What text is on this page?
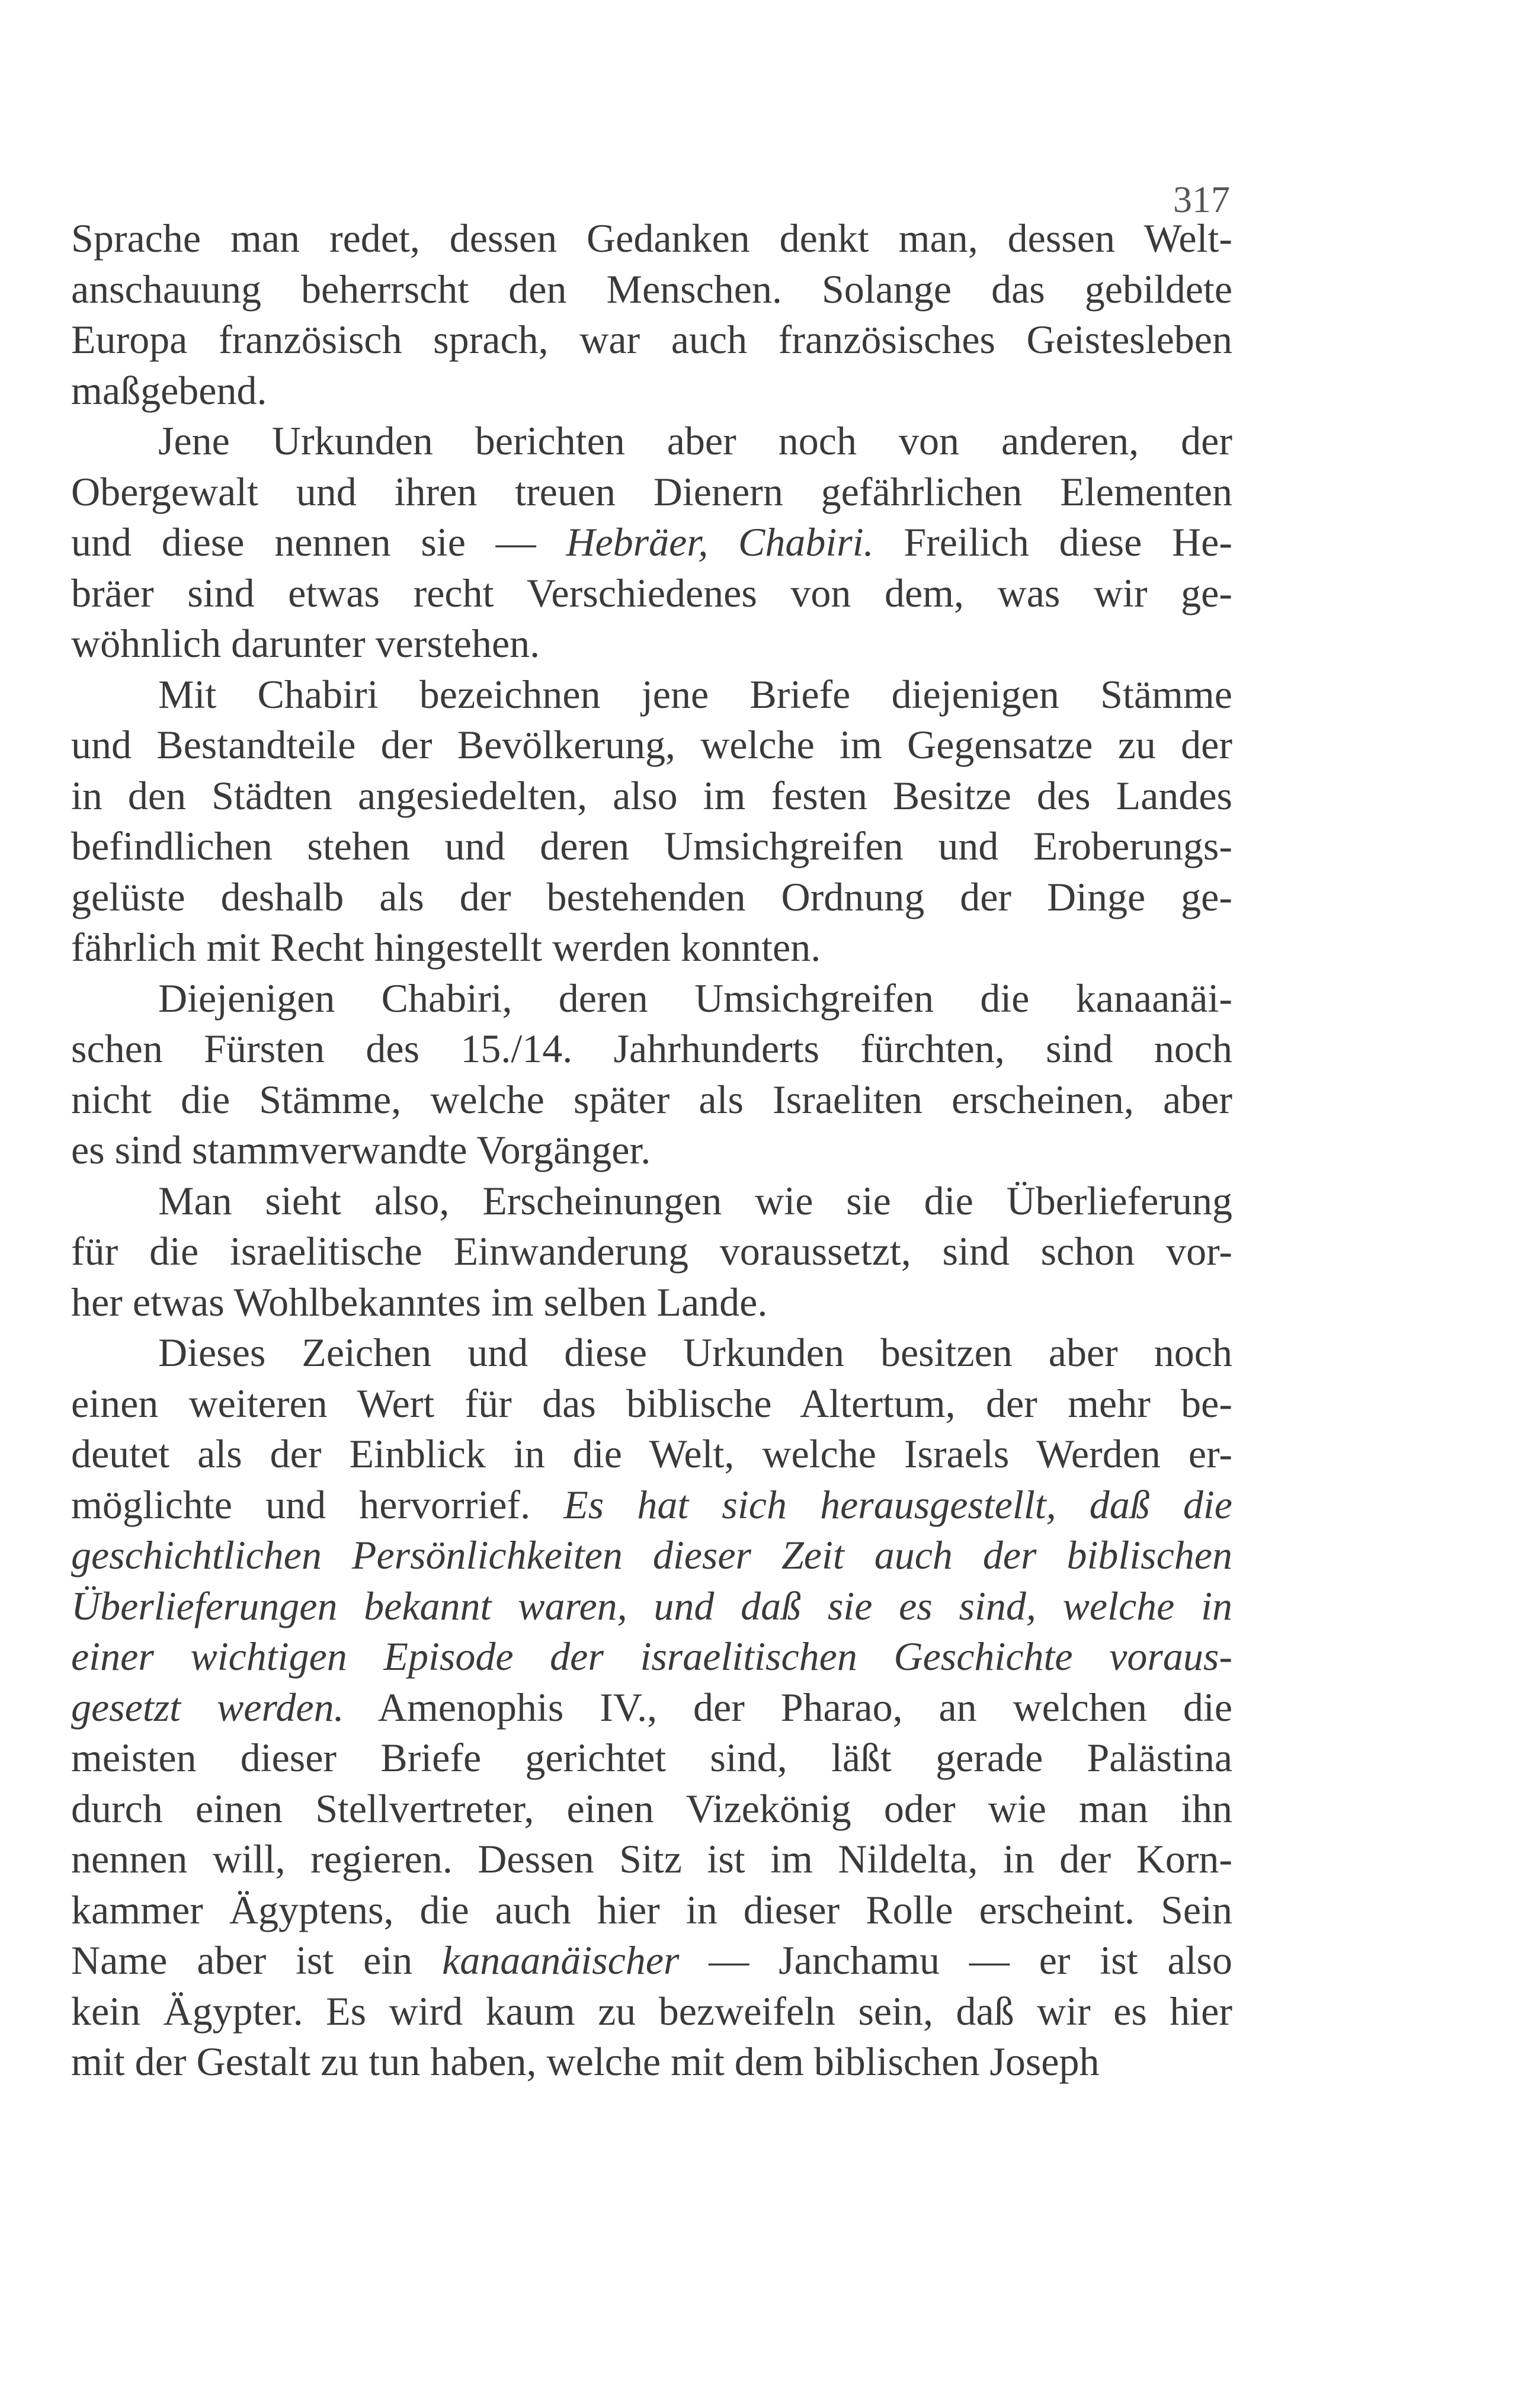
317
Sprache man redet, dessen Gedanken denkt man, dessen Welt-
anschauung beherrscht den Menschen. Solange das gebildete
Europa französisch sprach, war auch französisches Geistesleben
maßgebend.
Jene Urkunden berichten aber noch von anderen, der
Obergewalt und ihren treuen Dienern gefährlichen Elementen
und diese nennen sie — Hebräer, Chabiri. Freilich diese He-
bräer sind etwas recht Verschiedenes von dem, was wir ge-
wöhnlich darunter verstehen.
Mit Chabiri bezeichnen jene Briefe diejenigen Stämme
und Bestandteile der Bevölkerung, welche im Gegensatze zu der
in den Städten angesiedelten, also im festen Besitze des Landes
befindlichen stehen und deren Umsichgreifen und Eroberungs-
gelüste deshalb als der bestehenden Ordnung der Dinge ge-
fährlich mit Recht hingestellt werden konnten.
Diejenigen Chabiri, deren Umsichgreifen die kanaanäi-
schen Fürsten des 15./14. Jahrhunderts fürchten, sind noch
nicht die Stämme, welche später als Israeliten erscheinen, aber
es sind stammverwandte Vorgänger.
Man sieht also, Erscheinungen wie sie die Überlieferung
für die israelitische Einwanderung voraussetzt, sind schon vor-
her etwas Wohlbekanntes im selben Lande.
Dieses Zeichen und diese Urkunden besitzen aber noch
einen weiteren Wert für das biblische Altertum, der mehr be-
deutet als der Einblick in die Welt, welche Israels Werden er-
möglichte und hervorrief. Es hat sich herausgestellt, daß die
geschichtlichen Persönlichkeiten dieser Zeit auch der biblischen
Überlieferungen bekannt waren, und daß sie es sind, welche in
einer wichtigen Episode der israelitischen Geschichte voraus-
gesetzt werden. Amenophis IV., der Pharao, an welchen die
meisten dieser Briefe gerichtet sind, läßt gerade Palästina
durch einen Stellvertreter, einen Vizekönig oder wie man ihn
nennen will, regieren. Dessen Sitz ist im Nildelta, in der Korn-
kammer Ägyptens, die auch hier in dieser Rolle erscheint. Sein
Name aber ist ein kanaanäischer — Janchamu — er ist also
kein Ägypter. Es wird kaum zu bezweifeln sein, daß wir es hier
mit der Gestalt zu tun haben, welche mit dem biblischen Joseph
